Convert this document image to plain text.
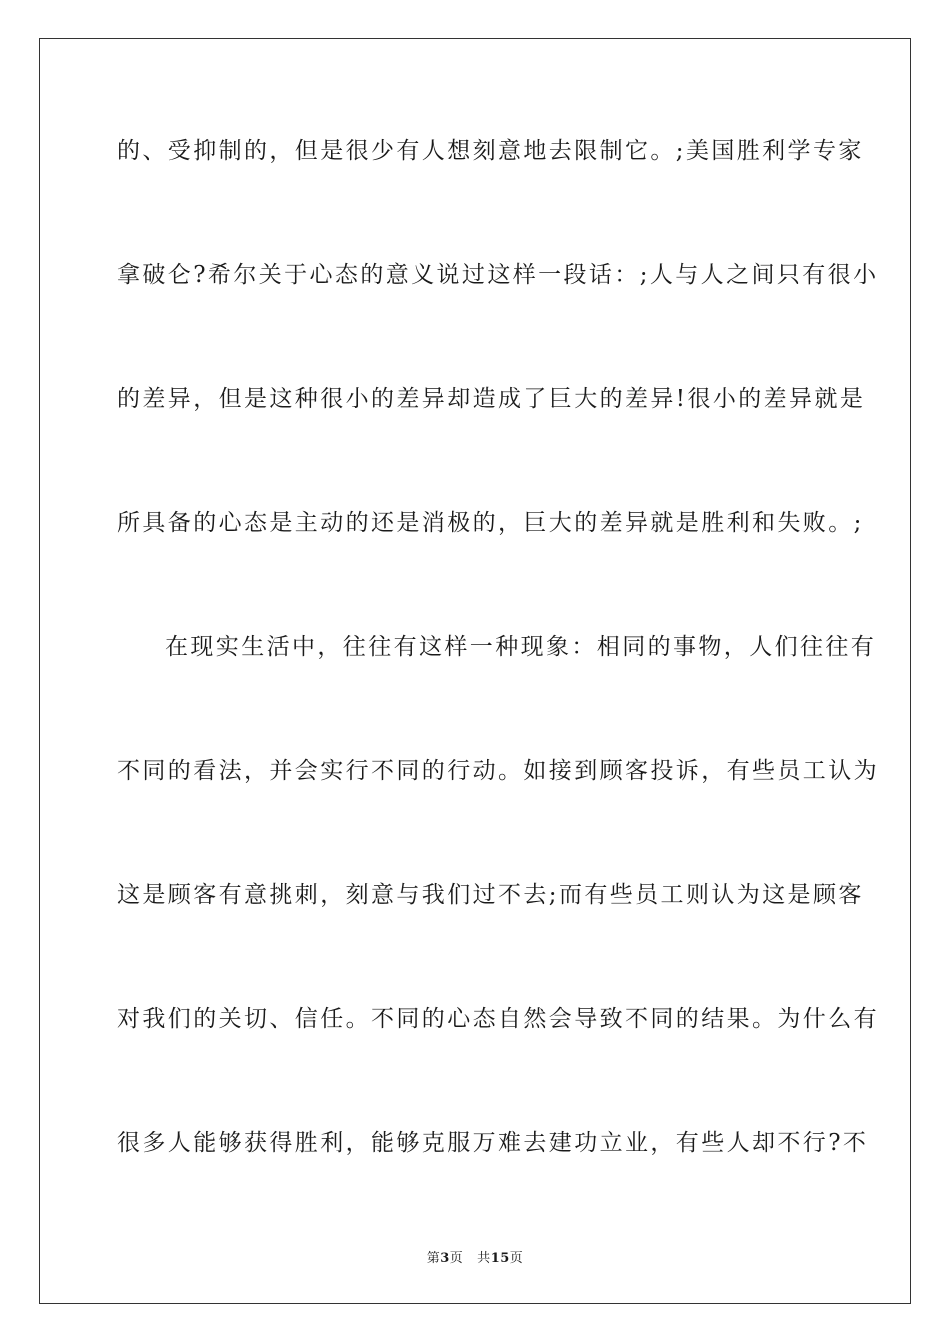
的、受抑制的，但是很少有人想刻意地去限制它。;美国胜利学专家
拿破仑?希尔关于心态的意义说过这样一段话：;人与人之间只有很小
的差异，但是这种很小的差异却造成了巨大的差异!很小的差异就是
所具备的心态是主动的还是消极的，巨大的差异就是胜利和失败。;
在现实生活中，往往有这样一种现象：相同的事物，人们往往有
不同的看法，并会实行不同的行动。如接到顾客投诉，有些员工认为
这是顾客有意挑刺，刻意与我们过不去;而有些员工则认为这是顾客
对我们的关切、信任。不同的心态自然会导致不同的结果。为什么有
很多人能够获得胜利，能够克服万难去建功立业，有些人却不行?不
第3页 共15页
